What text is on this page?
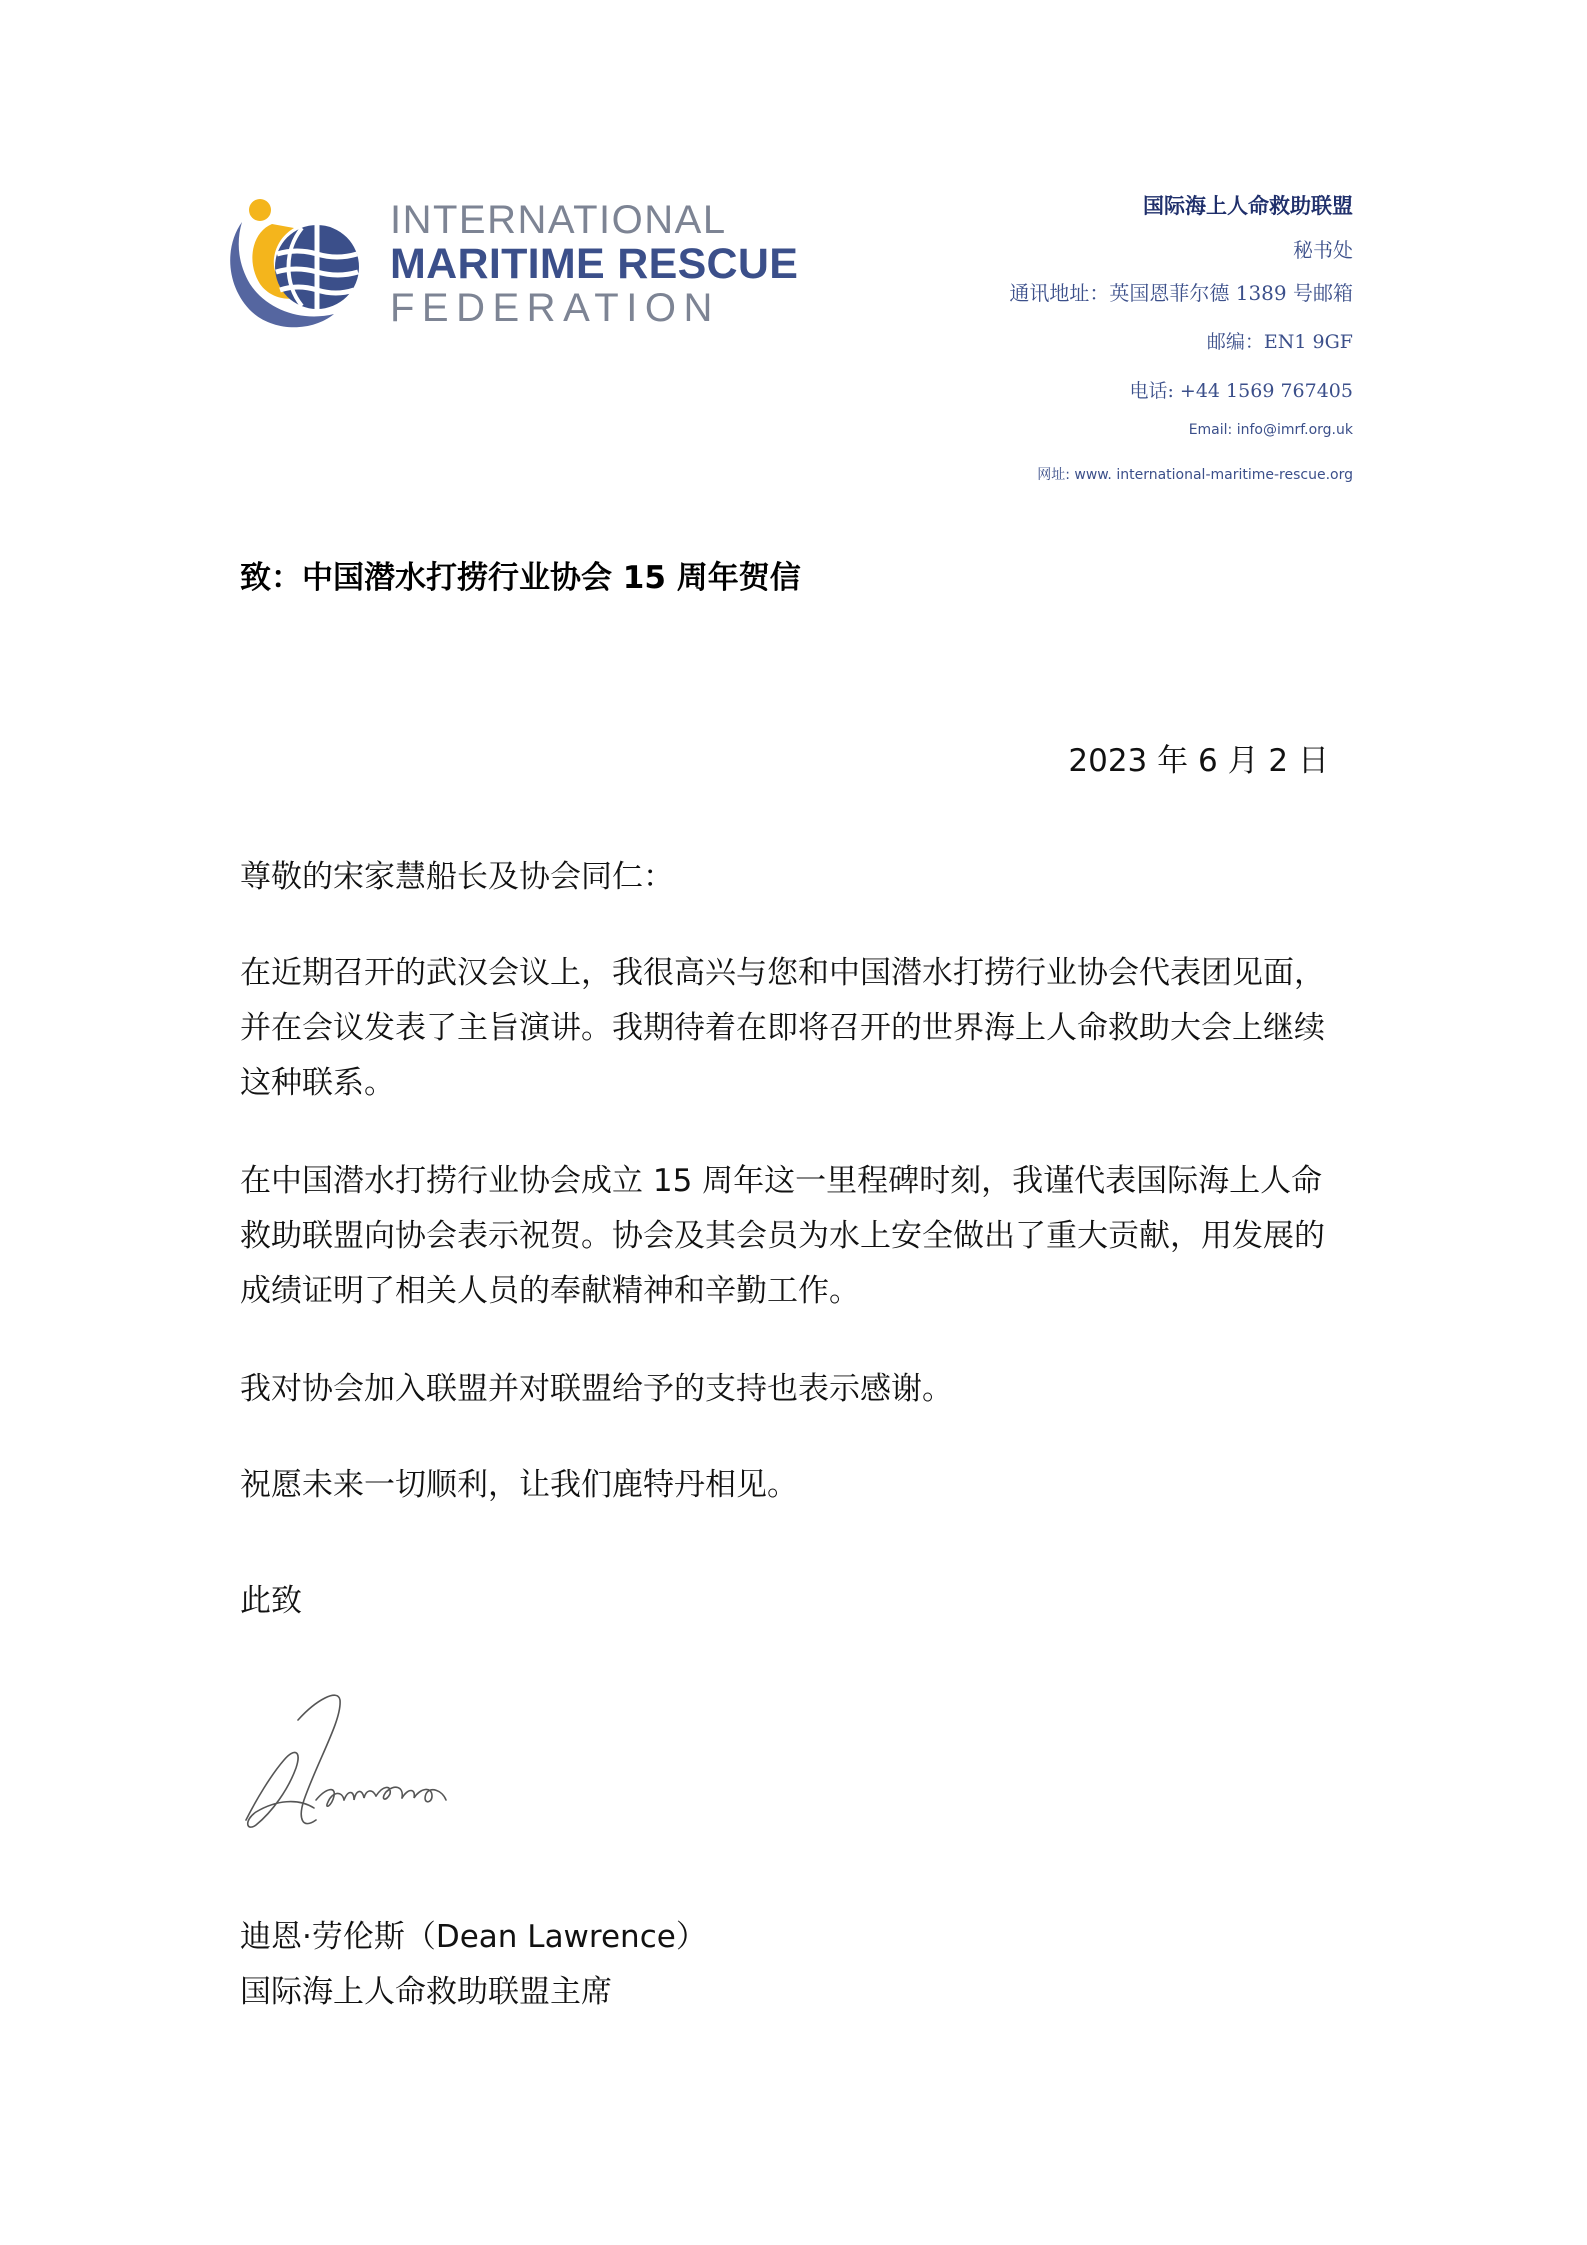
INTERNATIONAL
MARITIME RESCUE
FEDERATION
国际海上人命救助联盟
秘书处
通讯地址：英国恩菲尔德 1389 号邮箱
邮编：EN1 9GF
电话: +44 1569 767405
Email: info@imrf.org.uk
网址: www. international-maritime-rescue.org
致：中国潜水打捞行业协会 15 周年贺信
2023 年 6 月 2 日
尊敬的宋家慧船长及协会同仁：
在近期召开的武汉会议上，我很高兴与您和中国潜水打捞行业协会代表团见面，并在会议发表了主旨演讲。我期待着在即将召开的世界海上人命救助大会上继续这种联系。
在中国潜水打捞行业协会成立 15 周年这一里程碑时刻，我谨代表国际海上人命救助联盟向协会表示祝贺。协会及其会员为水上安全做出了重大贡献，用发展的成绩证明了相关人员的奉献精神和辛勤工作。
我对协会加入联盟并对联盟给予的支持也表示感谢。
祝愿未来一切顺利，让我们鹿特丹相见。
此致
迪恩·劳伦斯（Dean Lawrence）
国际海上人命救助联盟主席
